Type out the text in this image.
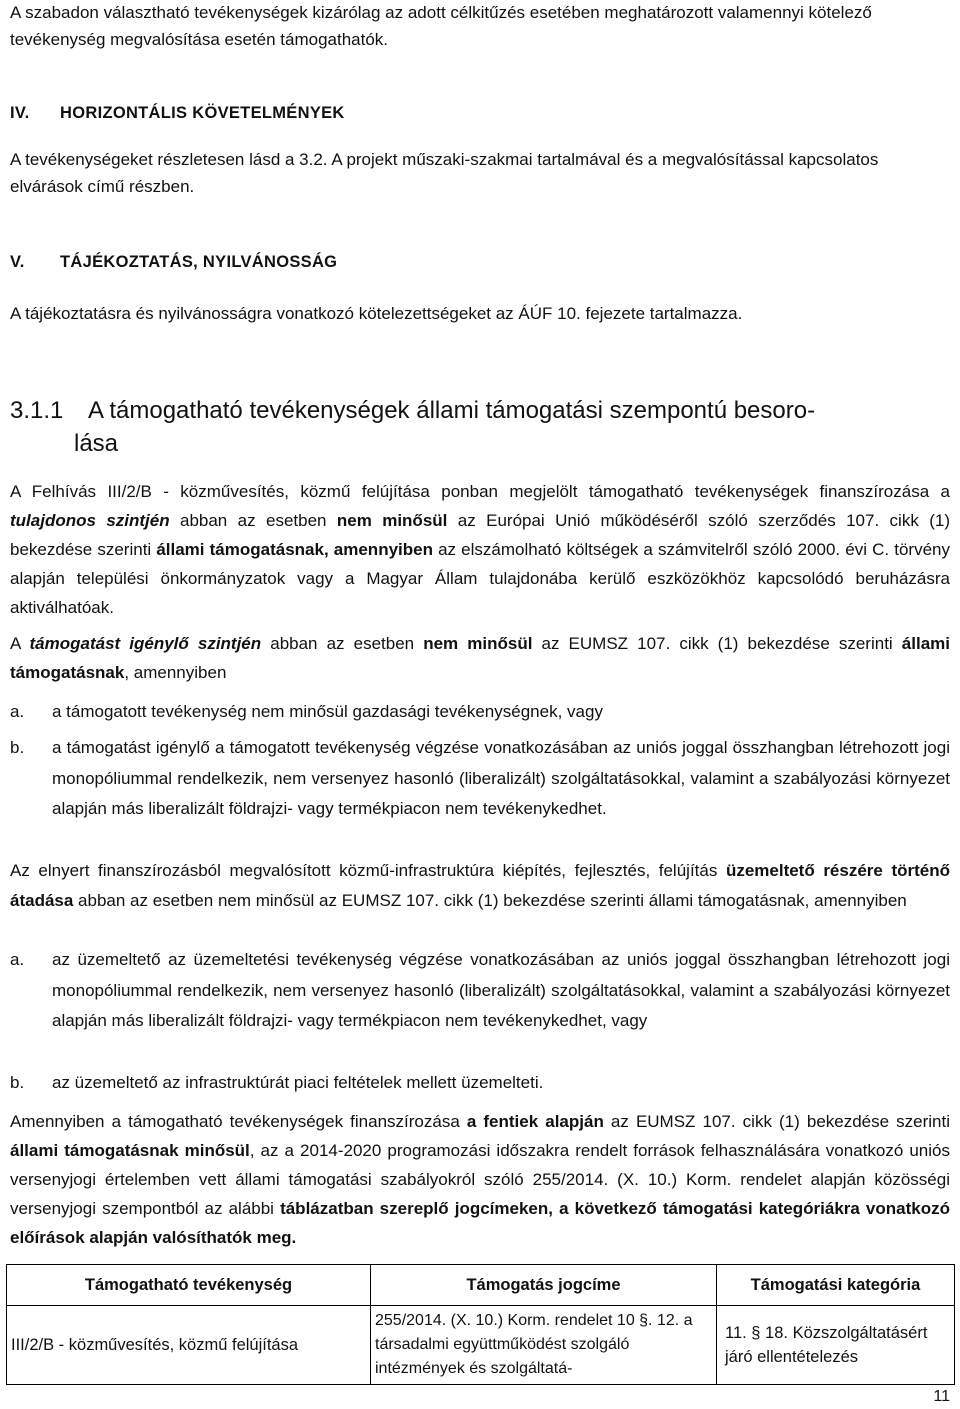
A szabadon választható tevékenységek kizárólag az adott célkitűzés esetében meghatározott valamennyi kötelező tevékenység megvalósítása esetén támogathatók.

IV. HORIZONTÁLIS KÖVETELMÉNYEK

A tevékenységeket részletesen lásd a 3.2. A projekt műszaki-szakmai tartalmával és a megvalósítással kapcsolatos elvárások című részben.

V. TÁJÉKOZTATÁS, NYILVÁNOSSÁG

A tájékoztatásra és nyilvánosságra vonatkozó kötelezettségeket az ÁÚF 10. fejezete tartalmazza.

3.1.1 A támogatható tevékenységek állami támogatási szempontú besoro-
lása

A Felhívás III/2/B - közművesítés, közmű felújítása ponban megjelölt támogatható tevékenységek finanszírozása a tulajdonos szintjén abban az esetben nem minősül az Európai Unió működéséről szóló szerződés 107. cikk (1) bekezdése szerinti állami támogatásnak, amennyiben az elszámolható költségek a számvitelről szóló 2000. évi C. törvény alapján települési önkormányzatok vagy a Magyar Állam tulajdonába kerülő eszközökhöz kapcsolódó beruházásra aktiválhatóak.

A támogatást igénylő szintjén abban az esetben nem minősül az EUMSZ 107. cikk (1) bekezdése szerinti állami támogatásnak, amennyiben

a. a támogatott tevékenység nem minősül gazdasági tevékenységnek, vagy
b. a támogatást igénylő a támogatott tevékenység végzése vonatkozásában az uniós joggal összhangban létrehozott jogi monopóliummal rendelkezik, nem versenyez hasonló (liberalizált) szolgáltatásokkal, valamint a szabályozási környezet alapján más liberalizált földrajzi- vagy termékpiacon nem tevékenykedhet.

Az elnyert finanszírozásból megvalósított közmű-infrastruktúra kiépítés, fejlesztés, felújítás üzemeltető részére történő átadása abban az esetben nem minősül az EUMSZ 107. cikk (1) bekezdése szerinti állami támogatásnak, amennyiben

a. az üzemeltető az üzemeltetési tevékenység végzése vonatkozásában az uniós joggal összhangban létrehozott jogi monopóliummal rendelkezik, nem versenyez hasonló (liberalizált) szolgáltatásokkal, valamint a szabályozási környezet alapján más liberalizált földrajzi- vagy termékpiacon nem tevékenykedhet, vagy
b. az üzemeltető az infrastruktúrát piaci feltételek mellett üzemelteti.

Amennyiben a támogatható tevékenységek finanszírozása a fentiek alapján az EUMSZ 107. cikk (1) bekezdése szerinti állami támogatásnak minősül, az a 2014-2020 programozási időszakra rendelt források felhasználására vonatkozó uniós versenyjogi értelemben vett állami támogatási szabályokról szóló 255/2014. (X. 10.) Korm. rendelet alapján közösségi versenyjogi szempontból az alábbi táblázatban szereplő jogcímeken, a következő támogatási kategóriákra vonatkozó előírások alapján valósíthatók meg.

Támogatható tevékenység	Támogatás jogcíme	Támogatási kategória
III/2/B - közművesítés, közmű felújítása	255/2014. (X. 10.) Korm. rendelet 10 §. 12. a társadalmi együttműködést szolgáló intézmények és szolgáltatá-	11. § 18. Közszolgáltatásért járó ellentételezés
11
